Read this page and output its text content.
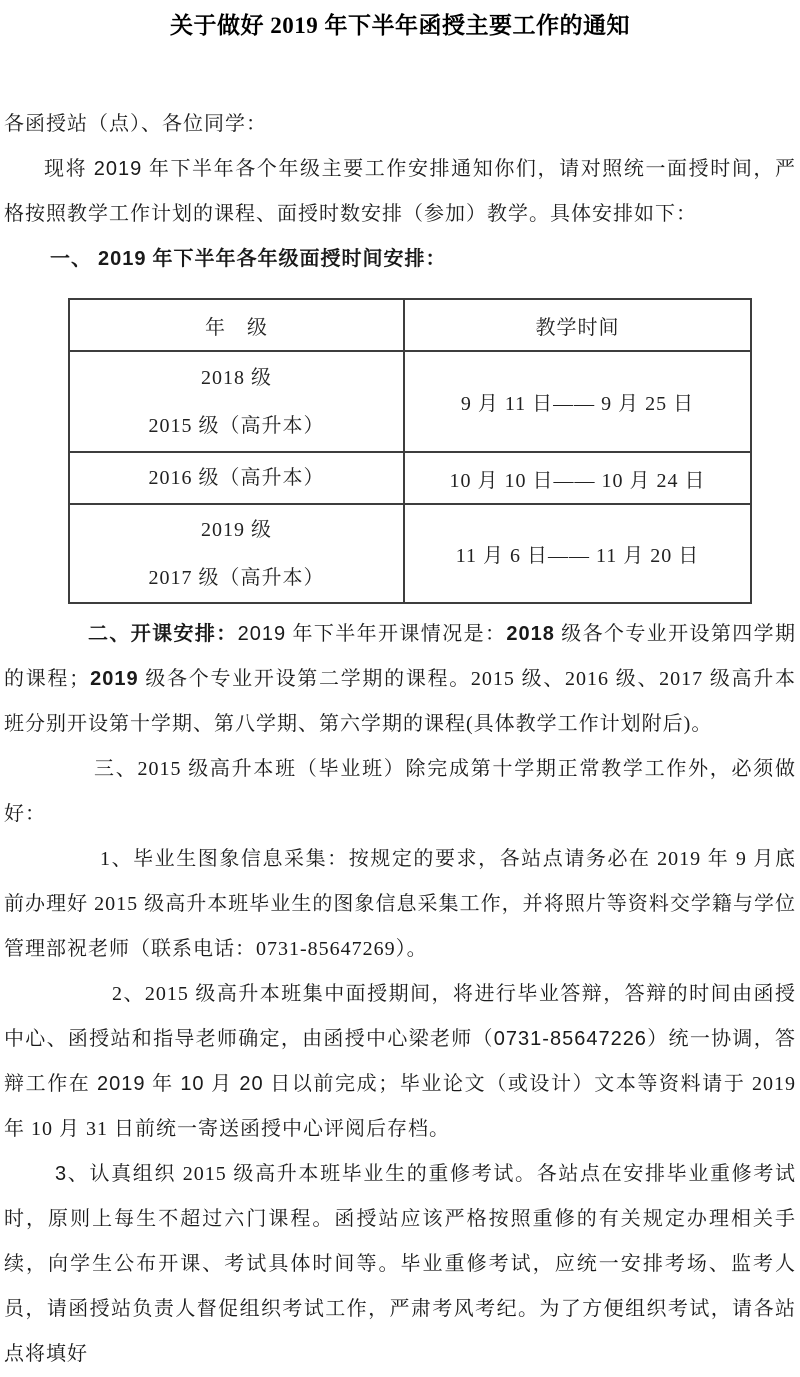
关于做好 2019 年下半年函授主要工作的通知

各函授站（点）、各位同学：

现将 2019 年下半年各个年级主要工作安排通知你们，请对照统一面授时间，严格按照教学工作计划的课程、面授时数安排（参加）教学。具体安排如下：

一、 2019 年下半年各年级面授时间安排：

年　级	教学时间

2018 级
2015 级（高升本）	9 月 11 日—— 9 月 25 日

2016 级（高升本）	10 月 10 日—— 10 月 24 日

2019 级
2017 级（高升本）	11 月 6 日—— 11 月 20 日

二、开课安排：2019 年下半年开课情况是：2018 级各个专业开设第四学期的课程；2019 级各个专业开设第二学期的课程。2015 级、2016 级、2017 级高升本班分别开设第十学期、第八学期、第六学期的课程(具体教学工作计划附后)。

三、2015 级高升本班（毕业班）除完成第十学期正常教学工作外，必须做好：

1、毕业生图象信息采集：按规定的要求，各站点请务必在 2019 年 9 月底前办理好 2015 级高升本班毕业生的图象信息采集工作，并将照片等资料交学籍与学位管理部祝老师（联系电话：0731-85647269）。

2、2015 级高升本班集中面授期间，将进行毕业答辩，答辩的时间由函授中心、函授站和指导老师确定，由函授中心梁老师（0731-85647226）统一协调，答辩工作在 2019 年 10 月 20 日以前完成；毕业论文（或设计）文本等资料请于 2019 年 10 月 31 日前统一寄送函授中心评阅后存档。

3、认真组织 2015 级高升本班毕业生的重修考试。各站点在安排毕业重修考试时，原则上每生不超过六门课程。函授站应该严格按照重修的有关规定办理相关手续，向学生公布开课、考试具体时间等。毕业重修考试，应统一安排考场、监考人员，请函授站负责人督促组织考试工作，严肃考风考纪。为了方便组织考试，请各站点将填好
